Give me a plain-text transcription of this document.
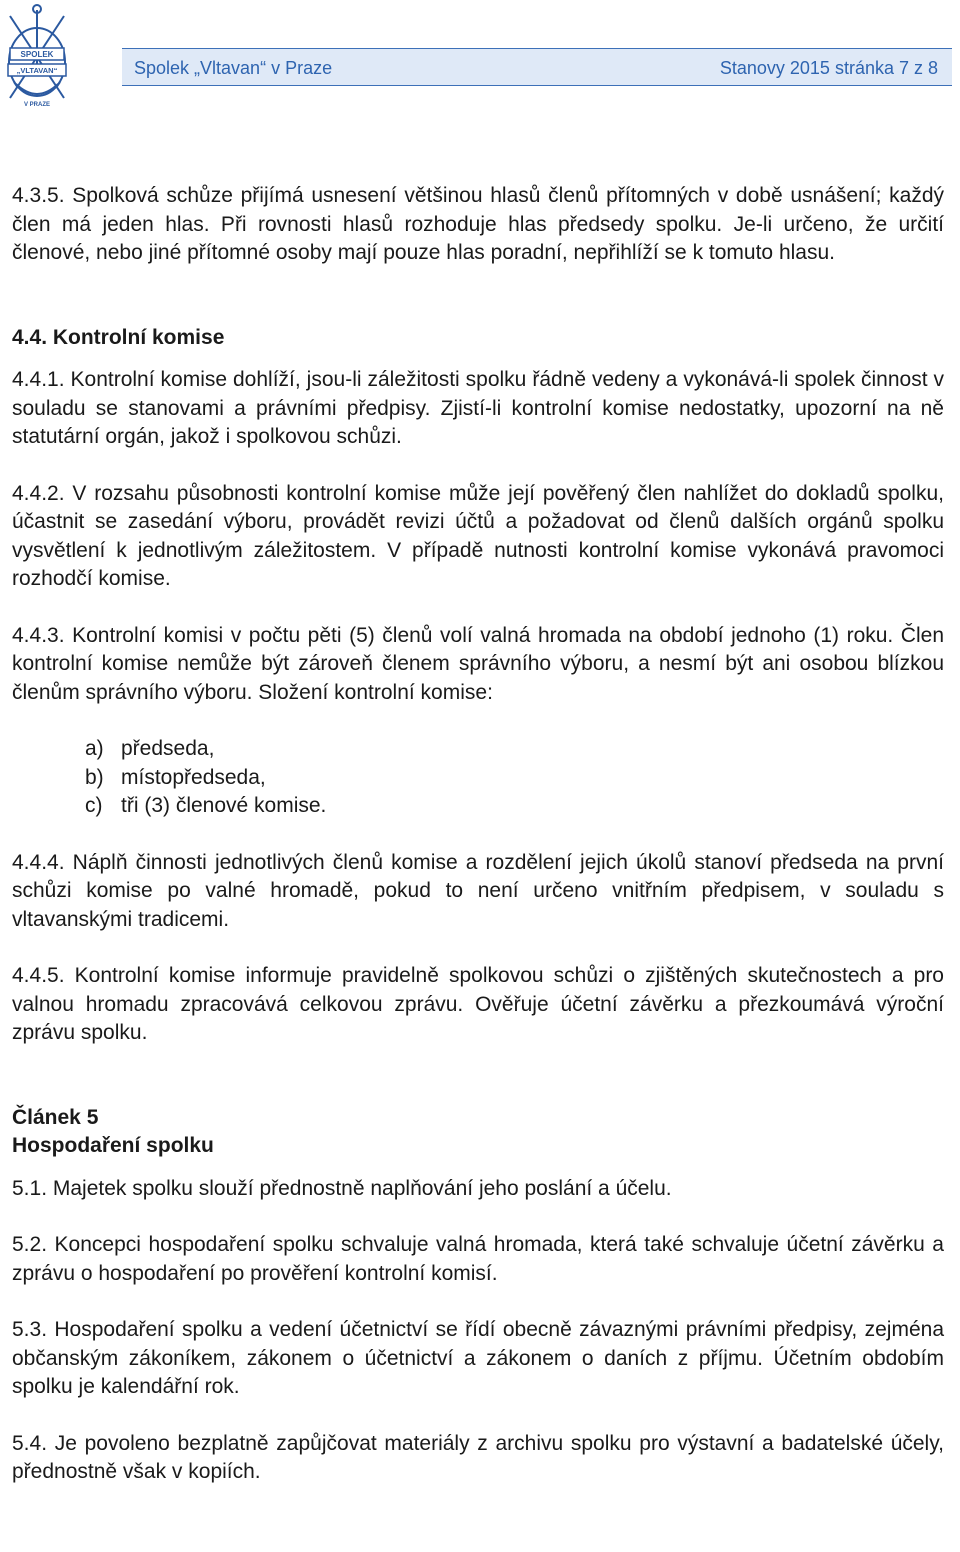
SPOLEK
„VLTAVAN“
V PRAZE
Spolek „Vltavan“ v Praze	Stanovy 2015 stránka 7 z 8

4.3.5. Spolková schůze přijímá usnesení většinou hlasů členů přítomných v době usnášení; každý člen má jeden hlas. Při rovnosti hlasů rozhoduje hlas předsedy spolku. Je-li určeno, že určití členové, nebo jiné přítomné osoby mají pouze hlas poradní, nepřihlíží se k tomuto hlasu.

4.4. Kontrolní komise

4.4.1. Kontrolní komise dohlíží, jsou-li záležitosti spolku řádně vedeny a vykonává-li spolek činnost v souladu se stanovami a právními předpisy. Zjistí-li kontrolní komise nedostatky, upozorní na ně statutární orgán, jakož i spolkovou schůzi.

4.4.2. V rozsahu působnosti kontrolní komise může její pověřený člen nahlížet do dokladů spolku, účastnit se zasedání výboru, provádět revizi účtů a požadovat od členů dalších orgánů spolku vysvětlení k jednotlivým záležitostem. V případě nutnosti kontrolní komise vykonává pravomoci rozhodčí komise.

4.4.3. Kontrolní komisi v počtu pěti (5) členů volí valná hromada na období jednoho (1) roku. Člen kontrolní komise nemůže být zároveň členem správního výboru, a nesmí být ani osobou blízkou členům správního výboru. Složení kontrolní komise:

a) předseda,
b) místopředseda,
c) tři (3) členové komise.

4.4.4. Náplň činnosti jednotlivých členů komise a rozdělení jejich úkolů stanoví předseda na první schůzi komise po valné hromadě, pokud to není určeno vnitřním předpisem, v souladu s vltavanskými tradicemi.

4.4.5. Kontrolní komise informuje pravidelně spolkovou schůzi o zjištěných skutečnostech a pro valnou hromadu zpracovává celkovou zprávu. Ověřuje účetní závěrku a přezkoumává výroční zprávu spolku.

Článek 5

Hospodaření spolku

5.1. Majetek spolku slouží přednostně naplňování jeho poslání a účelu.

5.2. Koncepci hospodaření spolku schvaluje valná hromada, která také schvaluje účetní závěrku a zprávu o hospodaření po prověření kontrolní komisí.

5.3. Hospodaření spolku a vedení účetnictví se řídí obecně závaznými právními předpisy, zejména občanským zákoníkem, zákonem o účetnictví a zákonem o daních z příjmu. Účetním obdobím spolku je kalendářní rok.

5.4. Je povoleno bezplatně zapůjčovat materiály z archivu spolku pro výstavní a badatelské účely, přednostně však v kopiích.
